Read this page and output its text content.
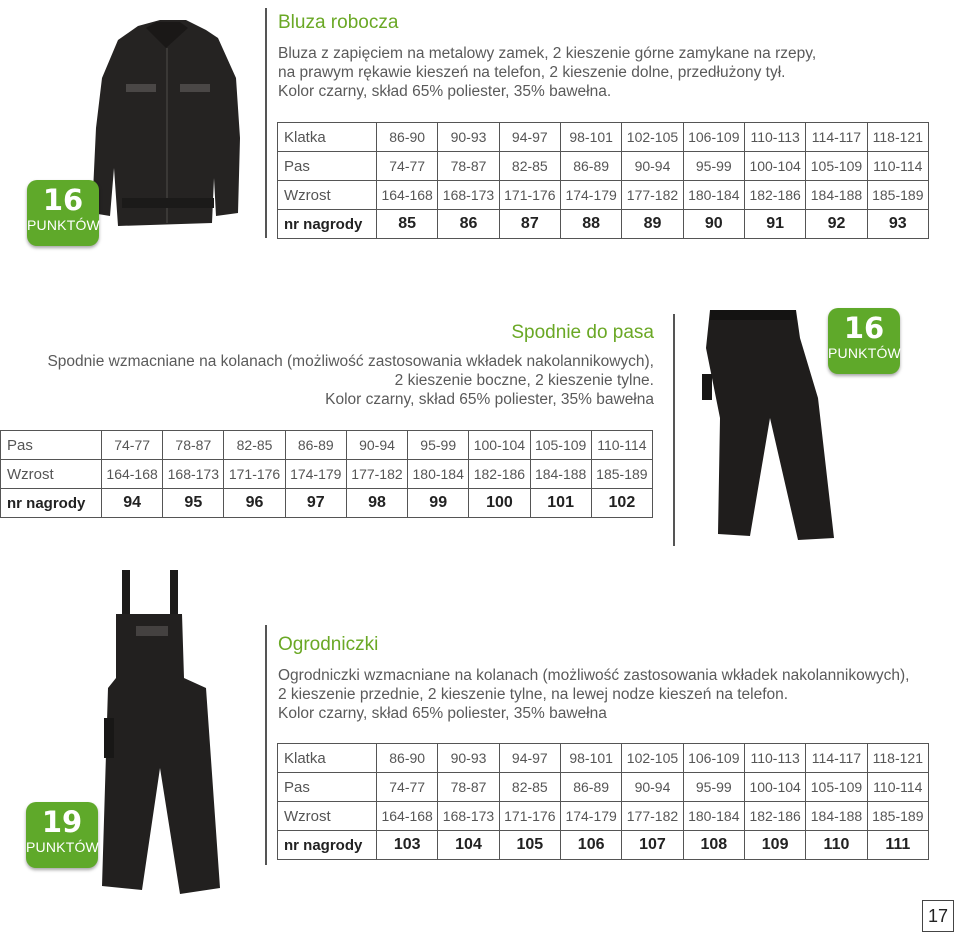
Bluza robocza
Bluza z zapięciem na metalowy zamek, 2 kieszenie górne zamykane na rzepy,
na prawym rękawie kieszeń na telefon, 2 kieszenie dolne, przedłużony tył.
Kolor czarny, skład 65% poliester, 35% bawełna.
16
PUNKTÓW
Klatka	86-90	90-93	94-97	98-101	102-105	106-109	110-113	114-117	118-121
Pas	74-77	78-87	82-85	86-89	90-94	95-99	100-104	105-109	110-114
Wzrost	164-168	168-173	171-176	174-179	177-182	180-184	182-186	184-188	185-189
nr nagrody	85	86	87	88	89	90	91	92	93
Spodnie do pasa
Spodnie wzmacniane na kolanach (możliwość zastosowania wkładek nakolannikowych),
2 kieszenie boczne, 2 kieszenie tylne.
Kolor czarny, skład 65% poliester, 35% bawełna
16
PUNKTÓW
Pas	74-77	78-87	82-85	86-89	90-94	95-99	100-104	105-109	110-114
Wzrost	164-168	168-173	171-176	174-179	177-182	180-184	182-186	184-188	185-189
nr nagrody	94	95	96	97	98	99	100	101	102
Ogrodniczki
Ogrodniczki wzmacniane na kolanach (możliwość zastosowania wkładek nakolannikowych),
2 kieszenie przednie, 2 kieszenie tylne, na lewej nodze kieszeń na telefon.
Kolor czarny, skład 65% poliester, 35% bawełna
19
PUNKTÓW
Klatka	86-90	90-93	94-97	98-101	102-105	106-109	110-113	114-117	118-121
Pas	74-77	78-87	82-85	86-89	90-94	95-99	100-104	105-109	110-114
Wzrost	164-168	168-173	171-176	174-179	177-182	180-184	182-186	184-188	185-189
nr nagrody	103	104	105	106	107	108	109	110	111
17
